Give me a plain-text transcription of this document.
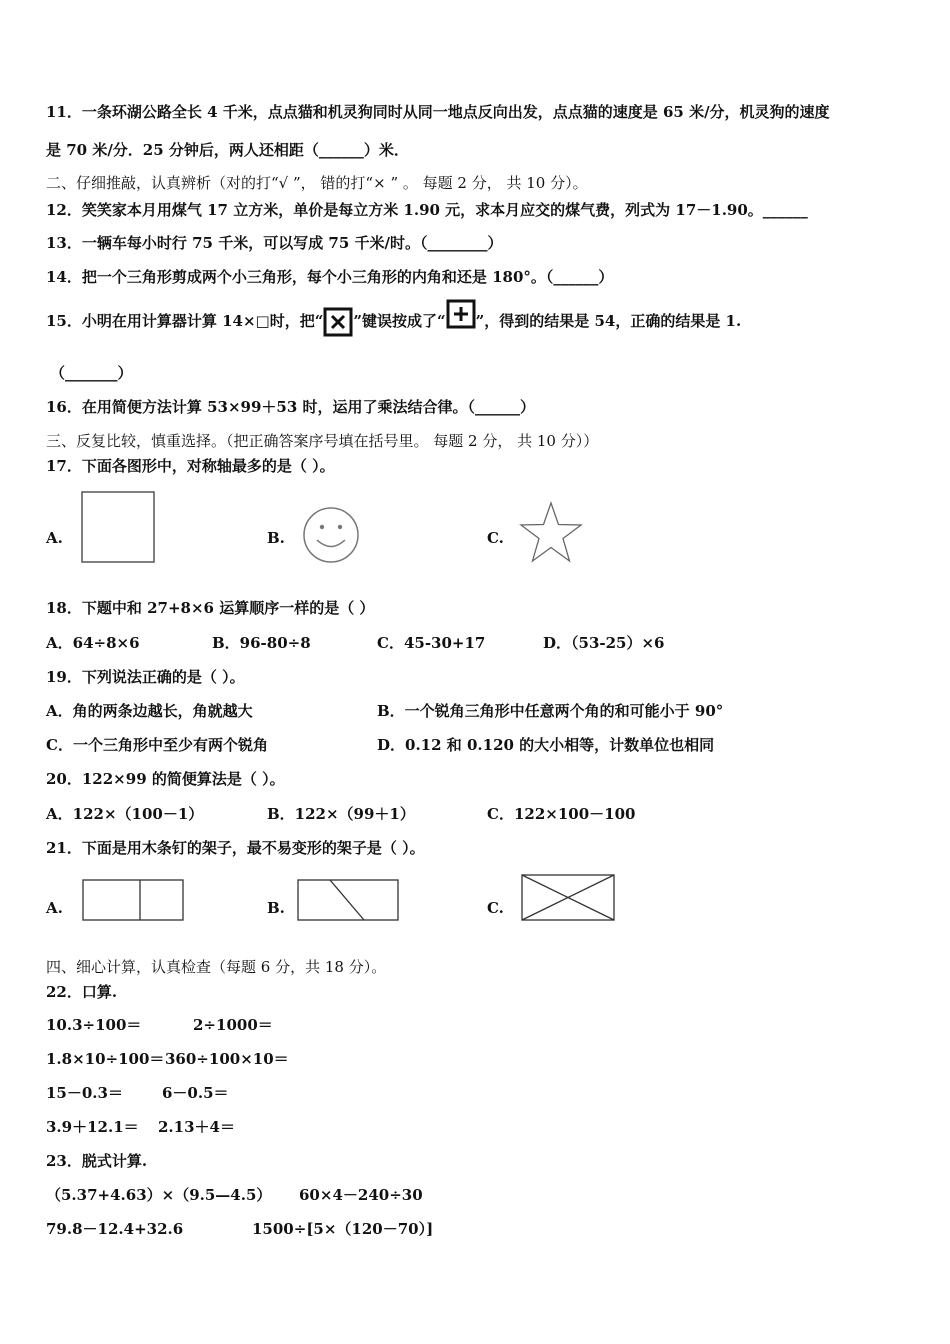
11．一条环湖公路全长 4 千米，点点猫和机灵狗同时从同一地点反向出发，点点猫的速度是 65 米/分，机灵狗的速度
是 70 米/分．25 分钟后，两人还相距（______）米．
二、仔细推敲，认真辨析（对的打“√ ”， 错的打“× ” 。 每题 2 分， 共 10 分）。
12．笑笑家本月用煤气 17 立方米，单价是每立方米 1.90 元，求本月应交的煤气费，列式为 17－1.90。______
13．一辆车每小时行 75 千米，可以写成 75 千米/时。（________）
14．把一个三角形剪成两个小三角形，每个小三角形的内角和还是 180°。（______）
15．小明在用计算器计算 14×□时，把“ ”键误按成了“ ”，得到的结果是 54，正确的结果是 1.
（_______）
16．在用简便方法计算 53×99＋53 时，运用了乘法结合律。（______）
三、反复比较，慎重选择。（把正确答案序号填在括号里。 每题 2 分， 共 10 分））
17．下面各图形中，对称轴最多的是（ ）。
A.	B.	C.
18．下题中和 27+8×6 运算顺序一样的是（ ）
A．64÷8×6	B．96-80÷8	C．45-30+17	D．（53-25）×6
19．下列说法正确的是（ ）。
A．角的两条边越长，角就越大	B．一个锐角三角形中任意两个角的和可能小于 90°
C．一个三角形中至少有两个锐角	D．0.12 和 0.120 的大小相等，计数单位也相同
20．122×99 的简便算法是（ ）。
A．122×（100－1）	B．122×（99＋1）	C．122×100－100
21．下面是用木条钉的架子，最不易变形的架子是（ ）。
A.	B.	C.
四、细心计算，认真检查（每题 6 分，共 18 分）。
22．口算.
10.3÷100＝	2÷1000＝
1.8×10÷100＝ 360÷100×10＝
15－0.3＝	6－0.5＝
3.9＋12.1＝ 2.13＋4＝
23．脱式计算.
（5.37+4.63）×（9.5—4.5） 60×4－240÷30
79.8－12.4+32.6	1500÷[5×（120－70）]
